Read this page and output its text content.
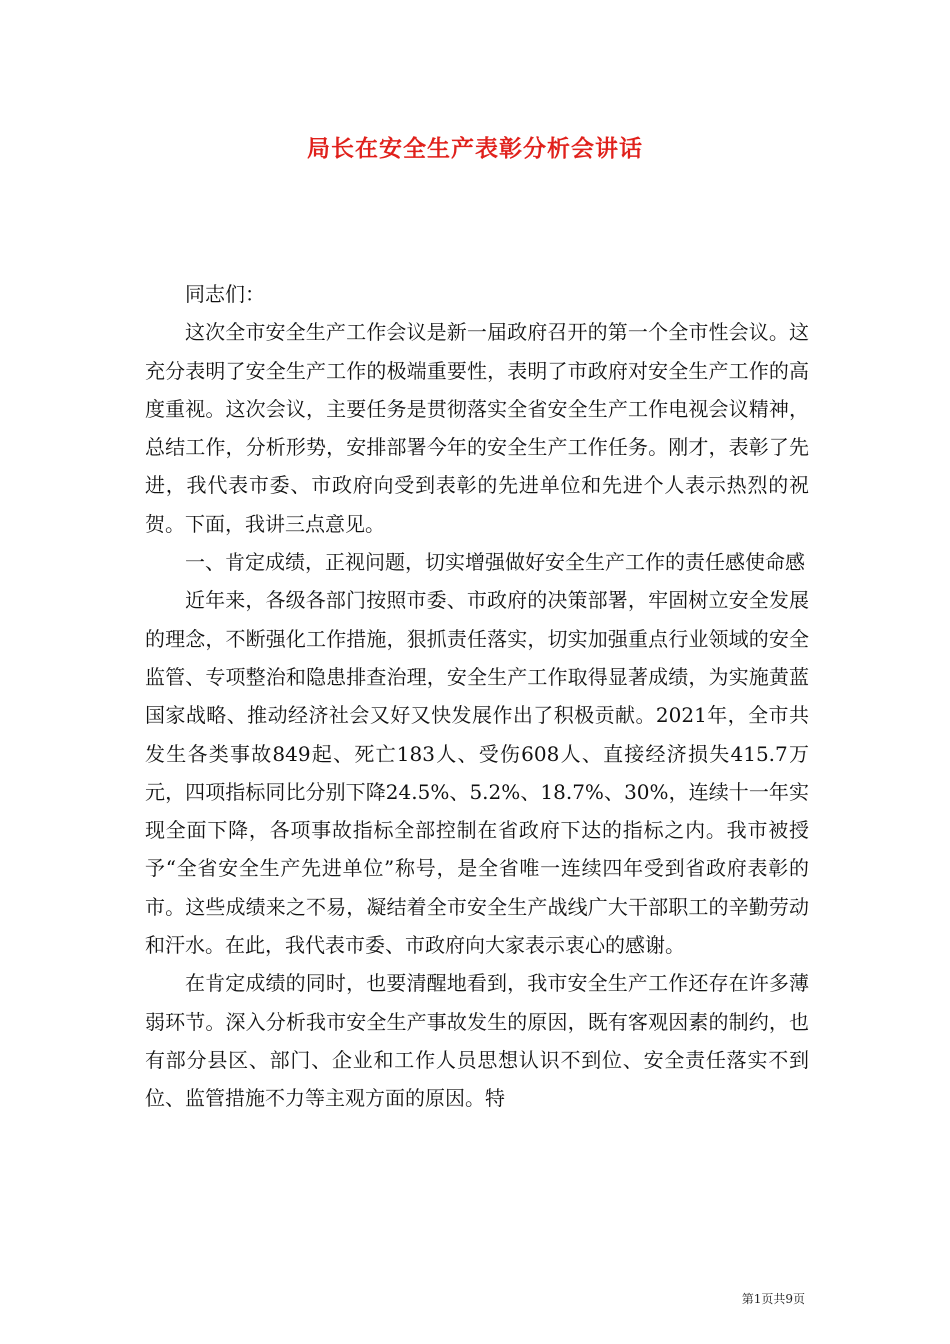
局长在安全生产表彰分析会讲话

同志们：

这次全市安全生产工作会议是新一届政府召开的第一个全市性会议。这充分表明了安全生产工作的极端重要性，表明了市政府对安全生产工作的高度重视。这次会议，主要任务是贯彻落实全省安全生产工作电视会议精神，总结工作，分析形势，安排部署今年的安全生产工作任务。刚才，表彰了先进，我代表市委、市政府向受到表彰的先进单位和先进个人表示热烈的祝贺。下面，我讲三点意见。

一、肯定成绩，正视问题，切实增强做好安全生产工作的责任感使命感

近年来，各级各部门按照市委、市政府的决策部署，牢固树立安全发展的理念，不断强化工作措施，狠抓责任落实，切实加强重点行业领域的安全监管、专项整治和隐患排查治理，安全生产工作取得显著成绩，为实施黄蓝国家战略、推动经济社会又好又快发展作出了积极贡献。2021年，全市共发生各类事故849起、死亡183人、受伤608人、直接经济损失415.7万元，四项指标同比分别下降24.5%、5.2%、18.7%、30%，连续十一年实现全面下降，各项事故指标全部控制在省政府下达的指标之内。我市被授予“全省安全生产先进单位”称号，是全省唯一连续四年受到省政府表彰的市。这些成绩来之不易，凝结着全市安全生产战线广大干部职工的辛勤劳动和汗水。在此，我代表市委、市政府向大家表示衷心的感谢。

在肯定成绩的同时，也要清醒地看到，我市安全生产工作还存在许多薄弱环节。深入分析我市安全生产事故发生的原因，既有客观因素的制约，也有部分县区、部门、企业和工作人员思想认识不到位、安全责任落实不到位、监管措施不力等主观方面的原因。特

第1页共9页
